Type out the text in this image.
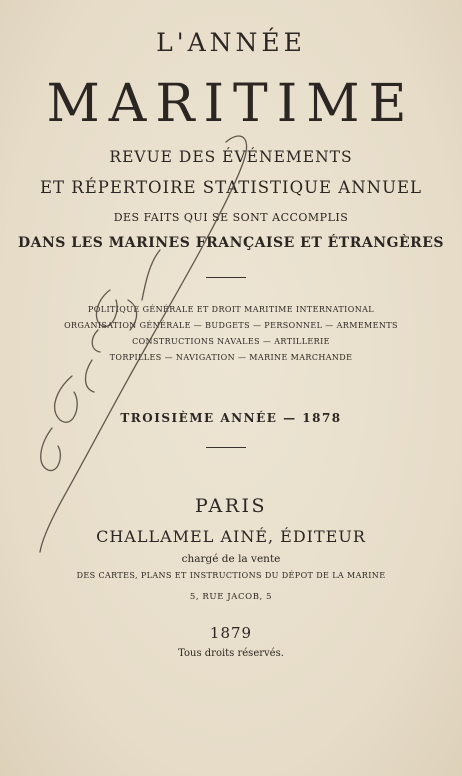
L'ANNÉE
MARITIME
REVUE DES ÉVÉNEMENTS
ET RÉPERTOIRE STATISTIQUE ANNUEL
DES FAITS QUI SE SONT ACCOMPLIS
DANS LES MARINES FRANÇAISE ET ÉTRANGÈRES
POLITIQUE GÉNÉRALE ET DROIT MARITIME INTERNATIONAL
ORGANISATION GÉNÉRALE — BUDGETS — PERSONNEL — ARMEMENTS
CONSTRUCTIONS NAVALES — ARTILLERIE
TORPILLES — NAVIGATION — MARINE MARCHANDE
TROISIÈME ANNÉE — 1878
PARIS
CHALLAMEL AINÉ, ÉDITEUR
chargé de la vente
DES CARTES, PLANS ET INSTRUCTIONS DU DÉPOT DE LA MARINE
5, RUE JACOB, 5
1879
Tous droits réservés.
